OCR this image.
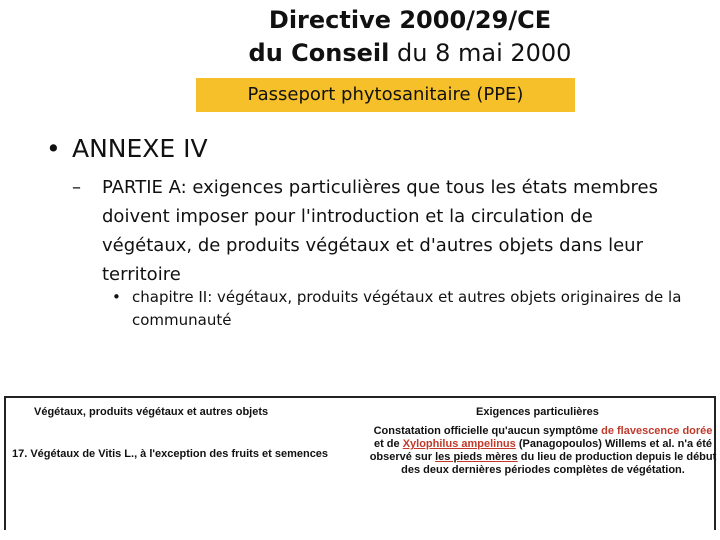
Directive 2000/29/CE
du Conseil du 8 mai 2000
Passeport phytosanitaire (PPE)
• ANNEXE IV
–	PARTIE A: exigences particulières que tous les états membres doivent imposer pour l'introduction et la circulation de végétaux, de produits végétaux et d'autres objets dans leur territoire
• chapitre II: végétaux, produits végétaux et autres objets originaires de la communauté
Végétaux, produits végétaux et autres objets	Exigences particulières
17. Végétaux de Vitis L., à l'exception des fruits et semences
Constatation officielle qu'aucun symptôme de flavescence dorée et de Xylophilus ampelinus (Panagopoulos) Willems et al. n'a été observé sur les pieds mères du lieu de production depuis le début des deux dernières périodes complètes de végétation.
